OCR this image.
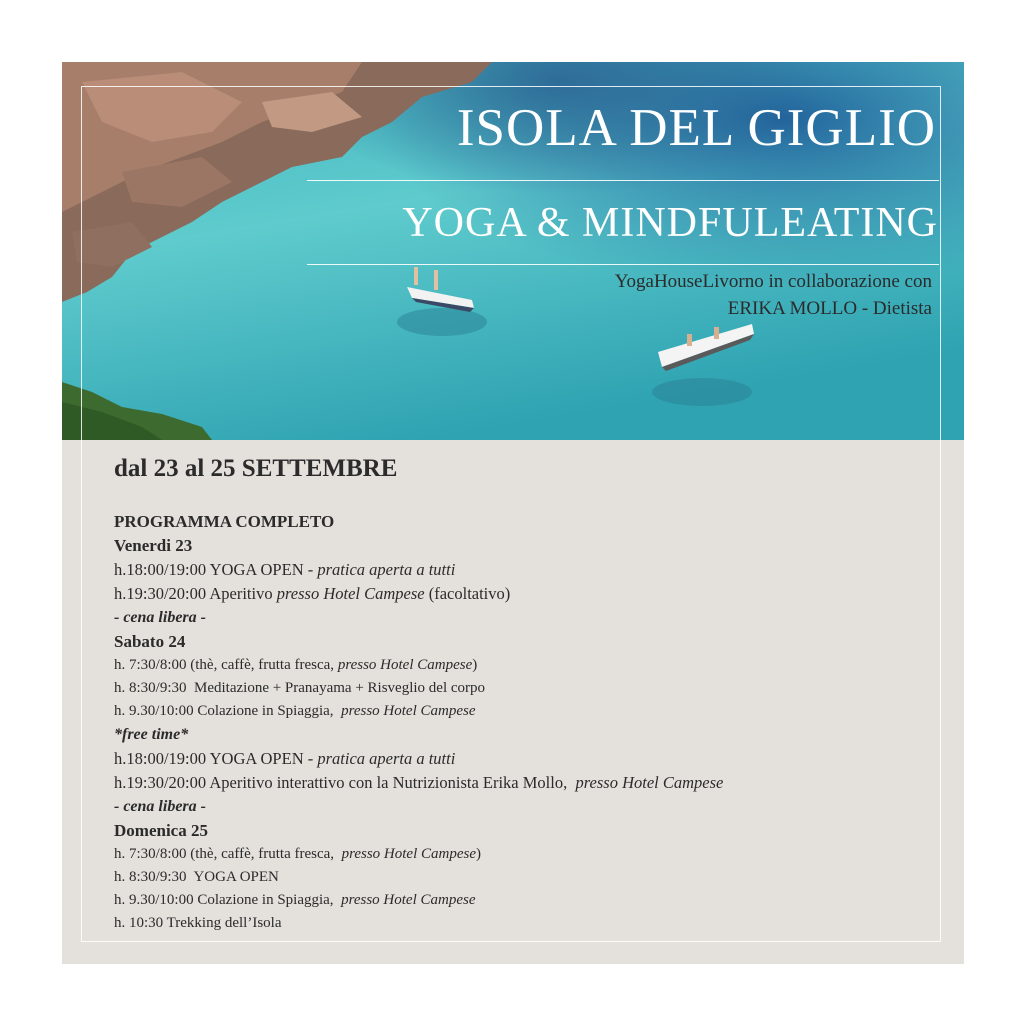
ISOLA DEL GIGLIO
YOGA & MINDFULEATING
YogaHouseLivorno in collaborazione con
ERIKA MOLLO - Dietista
dal 23 al 25 SETTEMBRE
PROGRAMMA COMPLETO
Venerdi 23
h.18:00/19:00 YOGA OPEN - pratica aperta a tutti
h.19:30/20:00 Aperitivo presso Hotel Campese (facoltativo)
- cena libera -
Sabato 24
h. 7:30/8:00 (thè, caffè, frutta fresca, presso Hotel Campese)
h. 8:30/9:30  Meditazione + Pranayama + Risveglio del corpo
h. 9.30/10:00 Colazione in Spiaggia,  presso Hotel Campese
*free time*
h.18:00/19:00 YOGA OPEN - pratica aperta a tutti
h.19:30/20:00 Aperitivo interattivo con la Nutrizionista Erika Mollo,  presso Hotel Campese
- cena libera -
Domenica 25
h. 7:30/8:00 (thè, caffè, frutta fresca,  presso Hotel Campese)
h. 8:30/9:30  YOGA OPEN
h. 9.30/10:00 Colazione in Spiaggia,  presso Hotel Campese
h. 10:30 Trekking dell’Isola
